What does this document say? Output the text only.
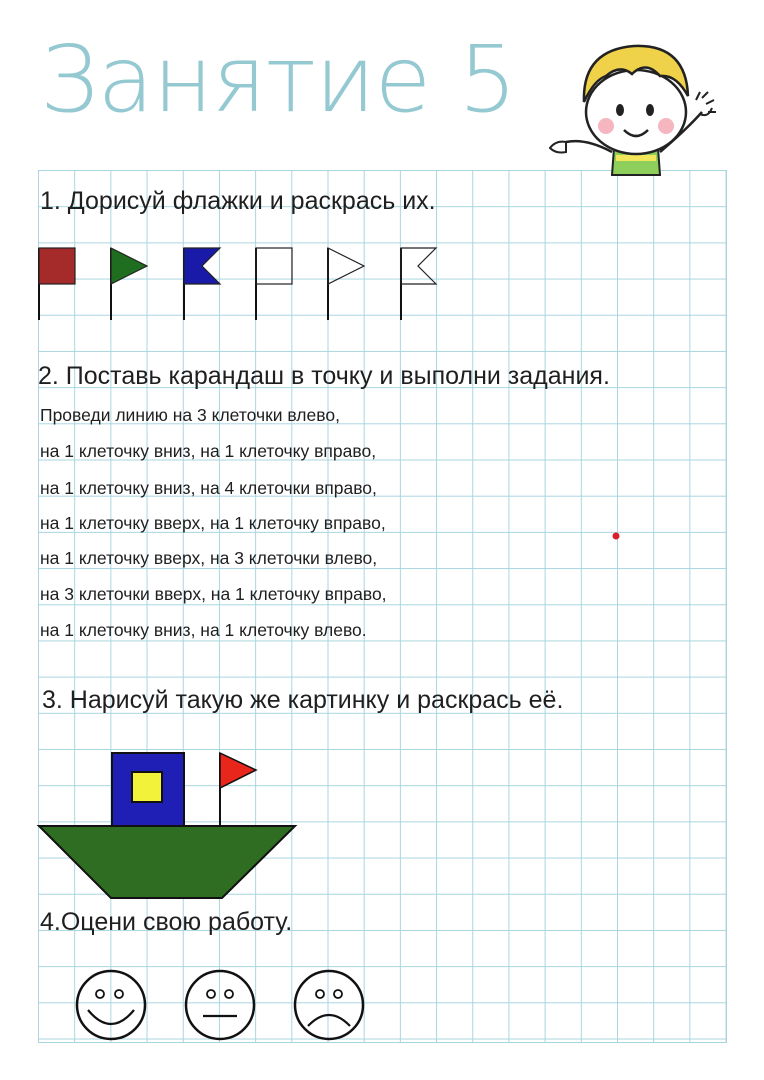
Занятие 5
1. Дорисуй флажки и раскрась их.
2. Поставь карандаш в точку и выполни задания.
Проведи линию на 3 клеточки влево,
на 1 клеточку вниз, на 1 клеточку вправо,
на 1 клеточку вниз, на 4 клеточки вправо,
на 1 клеточку вверх, на 1 клеточку вправо,
на 1 клеточку вверх, на 3 клеточки влево,
на 3 клеточки вверх, на 1 клеточку вправо,
на 1 клеточку вниз, на 1 клеточку влево.
3. Нарисуй такую же картинку и раскрась её.
4.Оцени свою работу.
